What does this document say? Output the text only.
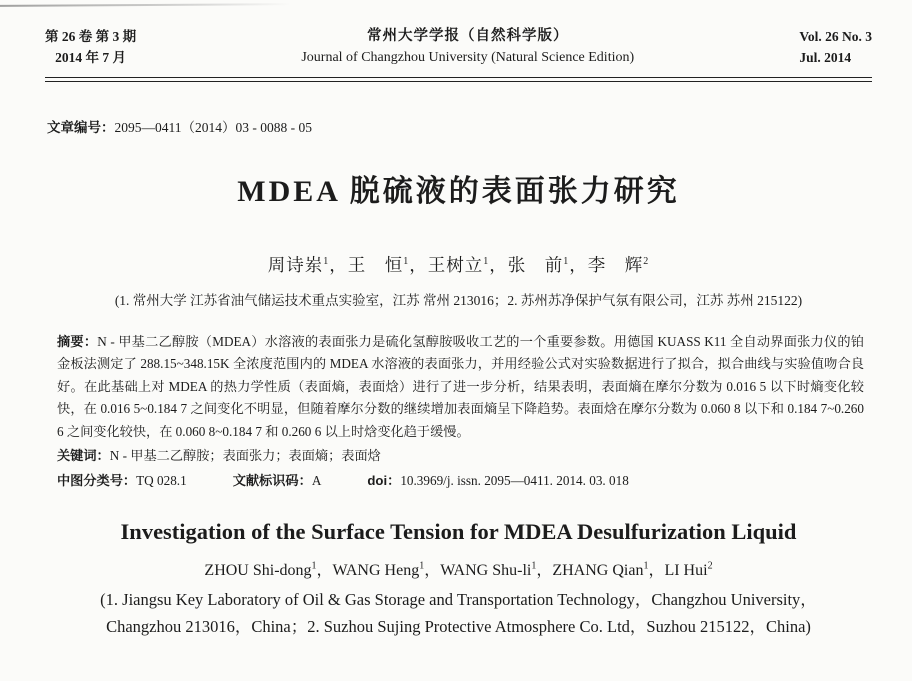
第 26 卷 第 3 期
2014 年 7 月
常州大学学报（自然科学版）
Journal of Changzhou University (Natural Science Edition)
Vol. 26 No. 3
Jul. 2014
文章编号：2095—0411（2014）03 - 0088 - 05
MDEA 脱硫液的表面张力研究
周诗岽$^1$，王　恒$^1$，王树立$^1$，张　前$^1$，李　辉$^2$
(1. 常州大学 江苏省油气储运技术重点实验室，江苏 常州 213016；2. 苏州苏净保护气氛有限公司，江苏 苏州 215122)
摘要：N - 甲基二乙醇胺（MDEA）水溶液的表面张力是硫化氢醇胺吸收工艺的一个重要参数。用德国 KUASS K11 全自动界面张力仪的铂金板法测定了 288.15~348.15K 全浓度范围内的 MDEA 水溶液的表面张力，并用经验公式对实验数据进行了拟合，拟合曲线与实验值吻合良好。在此基础上对 MDEA 的热力学性质（表面熵，表面焓）进行了进一步分析，结果表明，表面熵在摩尔分数为 0.016 5 以下时熵变化较快，在 0.016 5~0.184 7 之间变化不明显，但随着摩尔分数的继续增加表面熵呈下降趋势。表面焓在摩尔分数为 0.060 8 以下和 0.184 7~0.260 6 之间变化较快，在 0.060 8~0.184 7 和 0.260 6 以上时焓变化趋于缓慢。
关键词：N - 甲基二乙醇胺；表面张力；表面熵；表面焓
中图分类号：TQ 028.1	文献标识码：A	doi：10.3969/j. issn. 2095—0411. 2014. 03. 018
Investigation of the Surface Tension for MDEA Desulfurization Liquid
ZHOU Shi-dong$^1$，WANG Heng$^1$，WANG Shu-$li^1$，ZHANG Qian$^1$，LI Hui$^2$
(1. Jiangsu Key Laboratory of Oil & Gas Storage and Transportation Technology，Changzhou University，
Changzhou 213016，China；2. Suzhou Sujing Protective Atmosphere Co. Ltd，Suzhou 215122，China)
